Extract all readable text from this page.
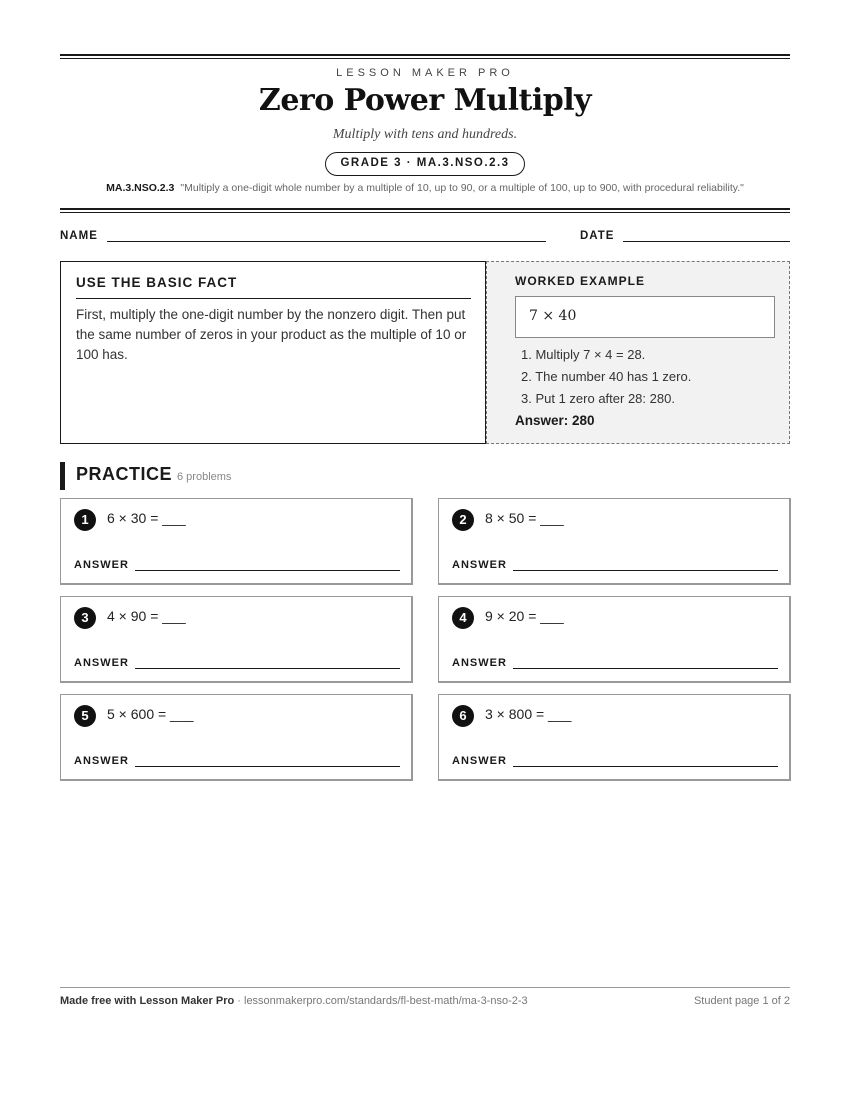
LESSON MAKER PRO
Zero Power Multiply
Multiply with tens and hundreds.
GRADE 3 · MA.3.NSO.2.3
MA.3.NSO.2.3 "Multiply a one-digit whole number by a multiple of 10, up to 90, or a multiple of 100, up to 900, with procedural reliability."
NAME	DATE
USE THE BASIC FACT
First, multiply the one-digit number by the nonzero digit. Then put the same number of zeros in your product as the multiple of 10 or 100 has.
WORKED EXAMPLE
7 × 40
1. Multiply 7 × 4 = 28.
2. The number 40 has 1 zero.
3. Put 1 zero after 28: 280.
Answer: 280
PRACTICE 6 problems
1	6 × 30 = ___
ANSWER
2	8 × 50 = ___
ANSWER
3	4 × 90 = ___
ANSWER
4	9 × 20 = ___
ANSWER
5	5 × 600 = ___
ANSWER
6	3 × 800 = ___
ANSWER
Made free with Lesson Maker Pro · lessonmakerpro.com/standards/fl-best-math/ma-3-nso-2-3	Student page 1 of 2
